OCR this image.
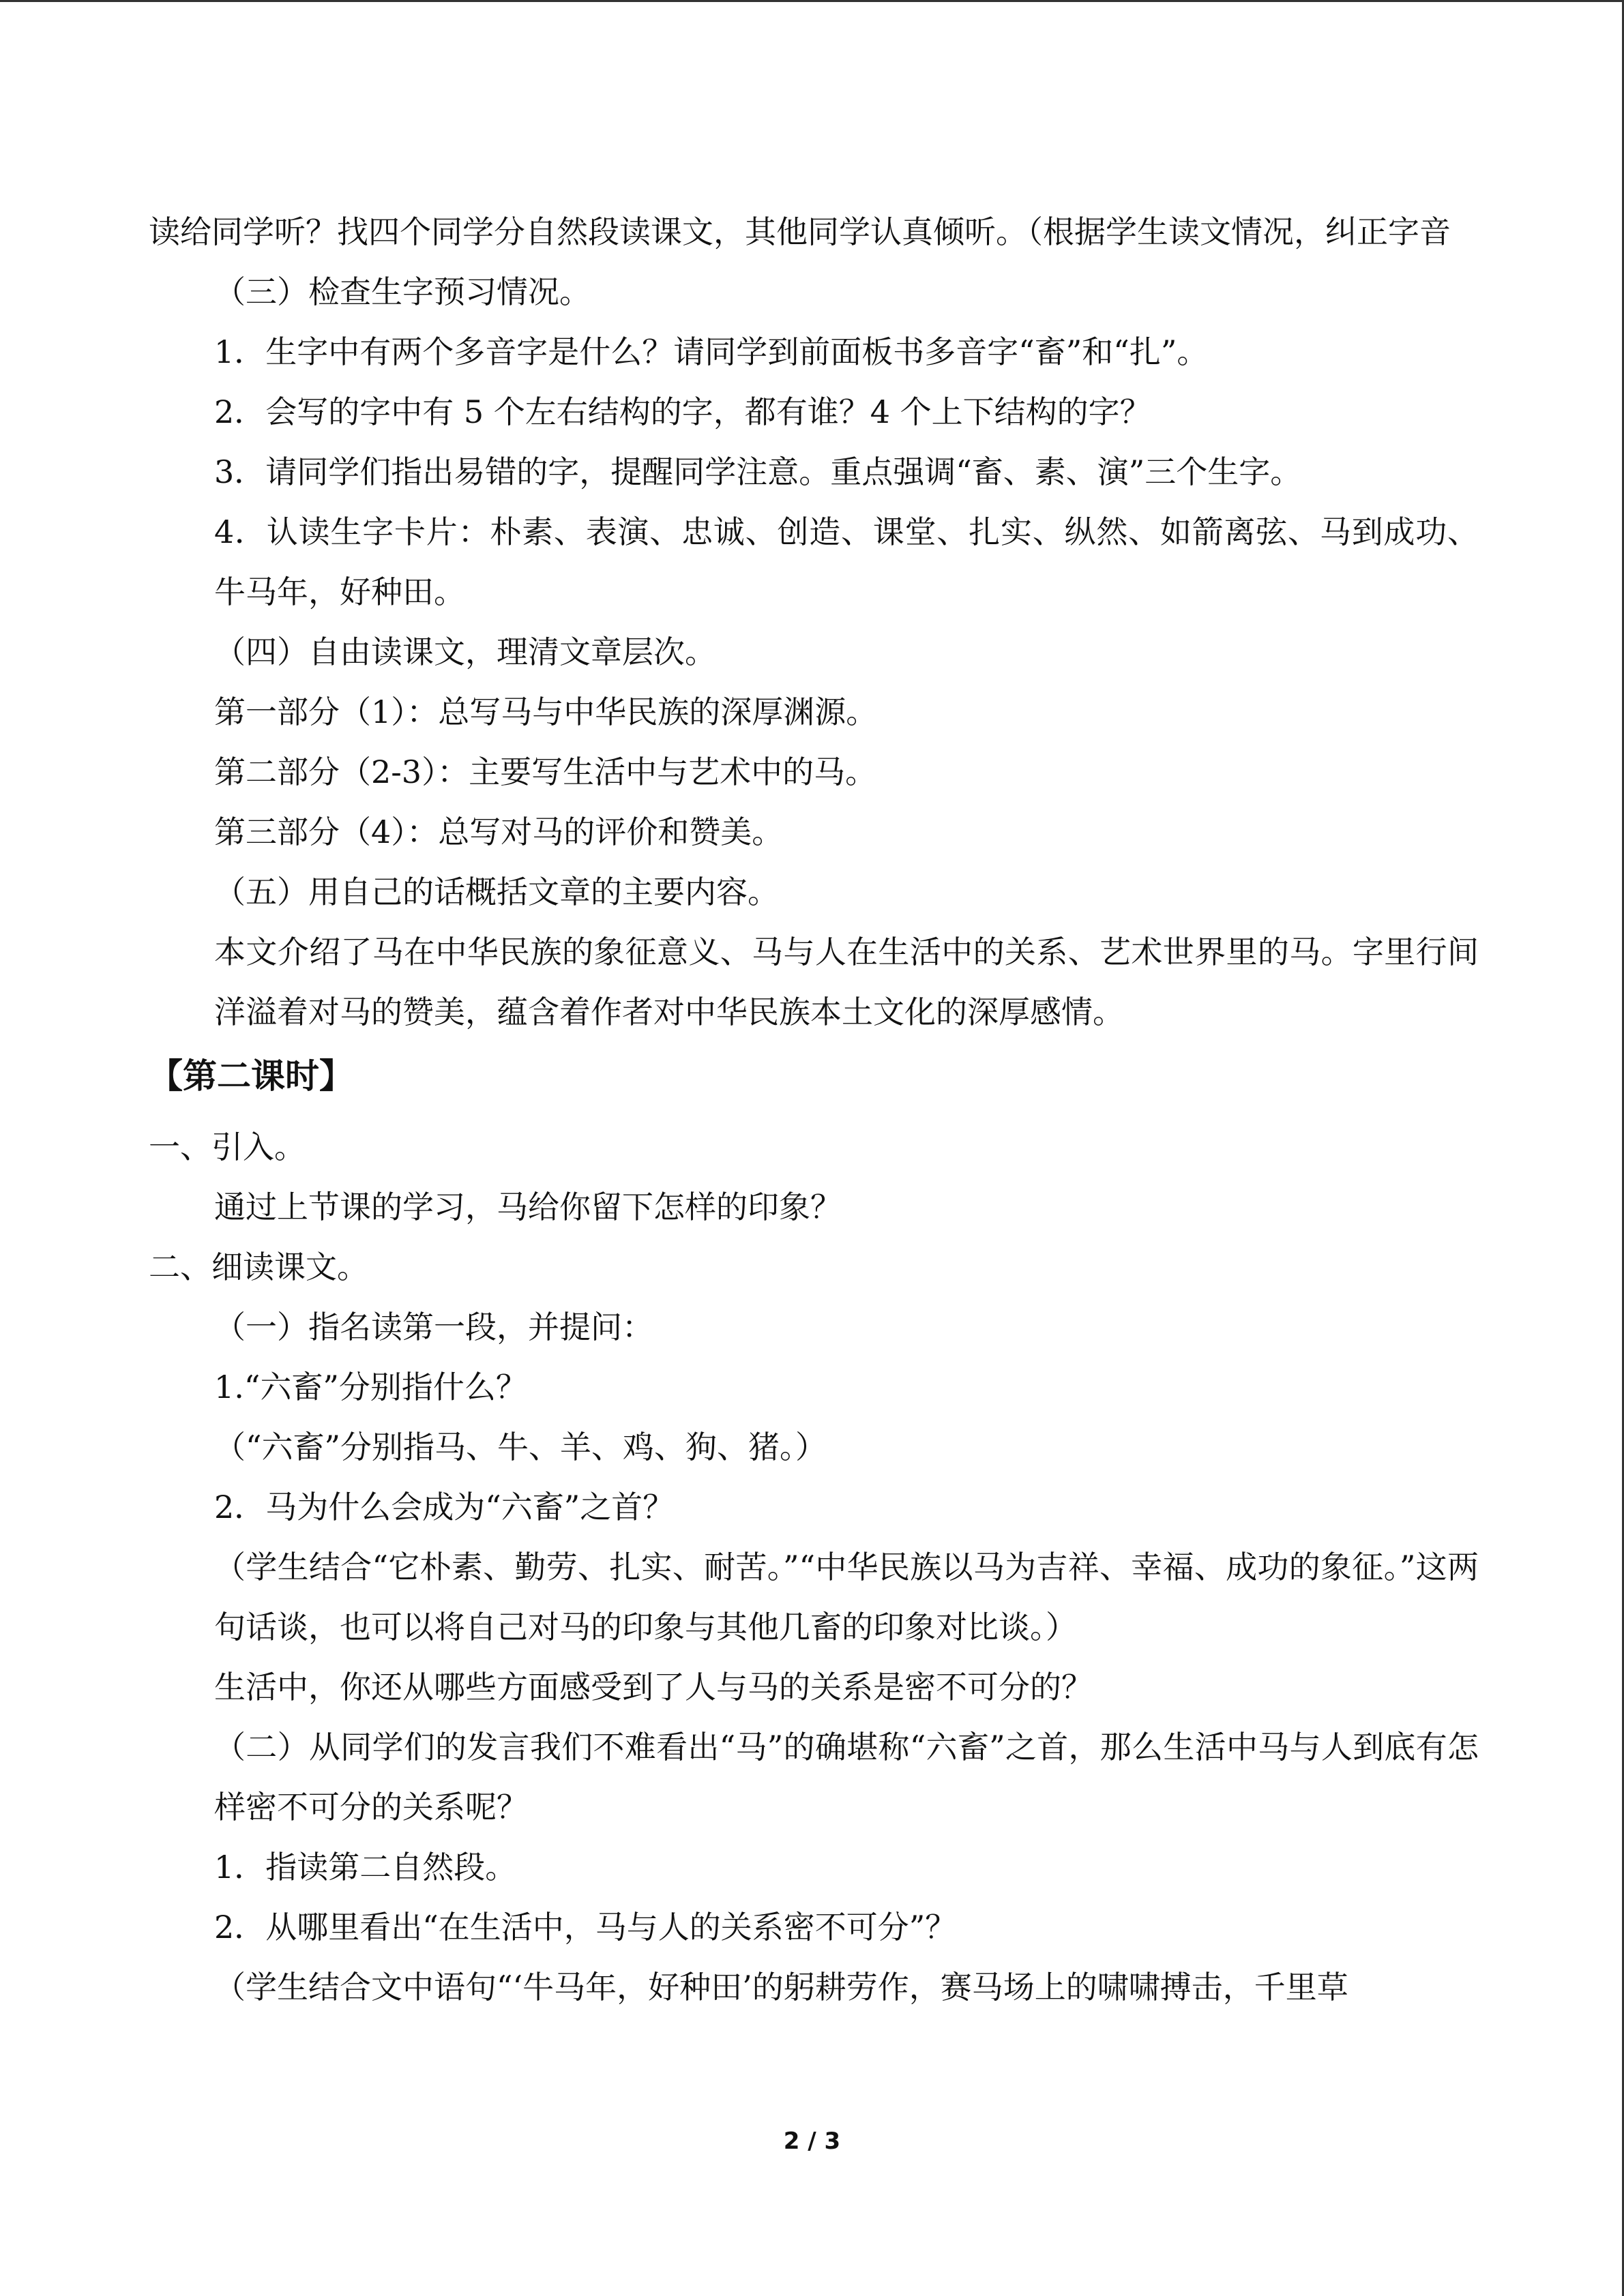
读给同学听？找四个同学分自然段读课文，其他同学认真倾听。（根据学生读文情况，纠正字音

（三）检查生字预习情况。

1．生字中有两个多音字是什么？请同学到前面板书多音字“畜”和“扎”。

2．会写的字中有 5 个左右结构的字，都有谁？4 个上下结构的字？

3．请同学们指出易错的字，提醒同学注意。重点强调“畜、素、演”三个生字。

4．认读生字卡片：朴素、表演、忠诚、创造、课堂、扎实、纵然、如箭离弦、马到成功、牛马年，好种田。

（四）自由读课文，理清文章层次。

第一部分（1）：总写马与中华民族的深厚渊源。

第二部分（2-3）：主要写生活中与艺术中的马。

第三部分（4）：总写对马的评价和赞美。

（五）用自己的话概括文章的主要内容。

本文介绍了马在中华民族的象征意义、马与人在生活中的关系、艺术世界里的马。字里行间洋溢着对马的赞美，蕴含着作者对中华民族本土文化的深厚感情。

【第二课时】

一、引入。

通过上节课的学习，马给你留下怎样的印象？

二、细读课文。

（一）指名读第一段，并提问：

1.“六畜”分别指什么？

（“六畜”分别指马、牛、羊、鸡、狗、猪。）

2．马为什么会成为“六畜”之首？

（学生结合“它朴素、勤劳、扎实、耐苦。”“中华民族以马为吉祥、幸福、成功的象征。”这两句话谈，也可以将自己对马的印象与其他几畜的印象对比谈。）

生活中，你还从哪些方面感受到了人与马的关系是密不可分的？

（二）从同学们的发言我们不难看出“马”的确堪称“六畜”之首，那么生活中马与人到底有怎样密不可分的关系呢？

1．指读第二自然段。

2．从哪里看出“在生活中，马与人的关系密不可分”？

（学生结合文中语句“‘牛马年，好种田’的躬耕劳作，赛马场上的啸啸搏击，千里草

2 / 3
